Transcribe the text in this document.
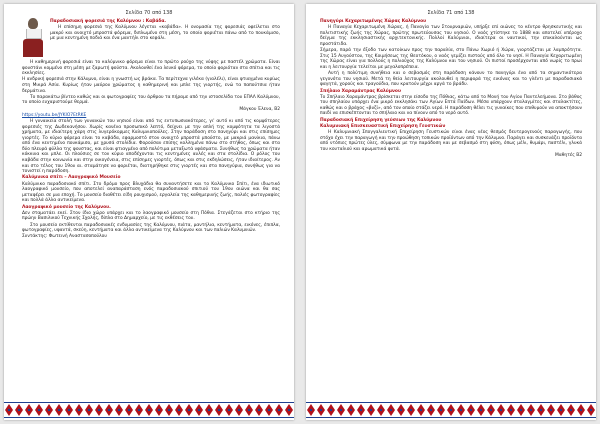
Σελίδα 70 από 138

Παραδοσιακή φορεσιά της Καλύμνου : Καβάδα.

Η επίσημη φορεσιά της Καλύμνου λέγεται «καβάδα». Η ονομασία της φορεσιάς οφείλεται στο μακρύ και ανοιχτό μπροστά φόρεμα, διπλωμένο στη μέση, το οποίο φοριέται πάνω από το πουκάμισο, με μια κεντημένη ποδιά και ένα μαντήλι στο κεφάλι.

Η καθημερινή φορεσιά είναι το καλύμνικο φόρεμα είναι το πρώτο ρούχο της νύφης με παστέλ χρώματα. Είναι φουστάνι κομμένο στη μέση με ζαρωτή φούστα. Ακολουθεί ένα λευκό φόρεμα, το οποίο φοριόταν στα σπίτια και τις εκκλησίες.

Η ανδρική φορεσιά στην Κάλυμνο, είναι η γνωστή ως βράκα. Τα περίτεχνα γιλέκα (γιαλέλι), είναι φτιαγμένα κυρίως στη Μικρά Ασία. Κυρίως ήταν μαύρου χρώματος η καθημερινή και μπλε της γιορτής, ενώ τα παπούτσια ήταν δερμάτινα.

Το παρακάτω βίντεο καθώς και οι φωτογραφίες του άρθρου τα πήραμε από την ιστοσελίδα του ΕΠΑΛ Καλύμνου, το οποίο ευχαριστούμε θερμά.

Μάγκου Έλενα, Β2

https://youtu.be/JYKIO7EtRKE

Η γυναικεία στολή των γυναικών του νησιού είναι από τις εντυπωσιακότερες, γι' αυτό κι από τις κομψότερες φορεσιές της Δωδεκανήσου. Χωρίς κανένα προσωπικό λεπτό, δείχνει με την απλή της κομψότητα τα λιγοστά χρήματα, με ιδιαίτερη χάρη στις λυγερόκορμες Καλυμνιοπούλες. Στην παράδοση στο πανηγύρι και στις επίσημες γιορτές. Το κύριο φόρεμα είναι το καβάδα, εφαρμοστό στον ανοιχτό μπροστά μπούστο, με μακριά μανίκια, πάνω από ένα κεντημένο πουκάμισο, με χρυσά στολίδια. Φορούσαν επίσης κολλημένα πάνω στο στήθος, όπως και στα δύο πλευρά φύλλα της φουστας, και είναι φτιαγμένο από πολύτιμα μεταξωτά υφάσματα. Συνήθως τα χρώματα ήταν κόκκινα και μπλε. Οι πλούσιες σε τον κύριο αποδέχονται τις κεντημένες αυλές και στα στολίδια. Ο ρόλος του καβάδα στην κοινωνία και στην οικογένεια, στις επίσημες γιορτές, όπως και στις εκδηλώσεις, ήταν ιδιαίτερος. Αν και στο τέλος του 19ου αι. σταμάτησε να φοριέται, διατηρήθηκε στις γιορτές και στα πανηγύρια, συνήθως για να τονιστεί η παράδοση.

Καλύμνικα σπίτι – Λαογραφικό Μουσείο

Καλύμνικο παραδοσιακό σπίτι. Στο δρόμο προς Βλυχάδια θα συναντήσετε και το Καλύμνικο Σπίτι, ένα ιδιωτικό λαογραφικό μουσείο, που αποτελεί αναπαράσταση ενός παραδοσιακού σπιτιού του 19ου αιώνα και θα σας μεταφέρει σε μια εποχή. Το μουσείο διαθέτει είδη ρουχισμού, εργαλεία της καθημερινής ζωής, παλιές φωτογραφίες και πολλά άλλα αντικείμενα.

Λαογραφικό μουσείο της Καλύμνου.

Δεν σταματάει εκεί. Στον ίδιο χώρο υπάρχει και το λαογραφικό μουσείο στη Πόθια. Στεγάζεται στο κτήριο της πρώην Βασιλικού Τεχνικής Σχολής, δίπλα στο Δημαρχείο, με τις εκθέσεις του.

Στο μουσείο εκτίθενται παραδοσιακές ενδυμασίες της Καλύμνου, πιάτα, μαντήλια, κεντήματα, εικόνες, έπιπλα, φωτογραφίες, υφαντά, σκεύη, κεντήματα και άλλα αντικείμενα της Καλύμνου και των παλιών Καλυμνιών.

Συντάκτης: Φωτεινή Αναστασοπούλου

Σελίδα 71 από 138

Πανηγύρι Κεχαριτωμένης Χώρας Καλύμνου

Η Παναγία Κεχαριτωμένη Χώρας, ή Παναγία των Στουρναριών, υπήρξε επί αιώνες το κέντρο θρησκευτικής και πολιτιστικής ζωής της Χώρας, πρώτης πρωτεύουσας του νησιού. Ο ναός χτίστηκε το 1888 και αποτελεί υπέροχο δείγμα της εκκλησιαστικής αρχιτεκτονικής. Πολλοί Καλύμνιοι, ιδιαίτερα οι ναυτικοί, την επικαλούνται ως προστάτιδα.

Σήμερα, παρά την έξοδο των κατοίκων προς την παραλία, στο Πάνω Χωριό ή Χώρα, γιορτάζεται με λαμπρότητα. Στις 15 Αυγούστου, της Κοιμήσεως της Θεοτόκου, ο ναός γεμίζει πιστούς από όλο το νησί. Η Παναγία Κεχαριτωμένη της Χώρας είναι για πολλούς η πολιούχος της Καλύμνου και του νησιού. Οι πιστοί προσέρχονται από νωρίς το πρωί και η λειτουργία τελείται με μεγαλοπρέπεια.

Αυτή η πολύτιμη συνήθεια και ο σεβασμός στη παράδοση κάνουν το πανηγύρι ένα από τα σημαντικότερα γεγονότα του νησιού. Μετά τη θεία λειτουργία ακολουθεί η περιφορά της εικόνας και το γλέντι με παραδοσιακά φαγητά, χορούς και τραγούδια, που κρατούν μέχρι αργά το βράδυ.

Σπήλαιο Χαραμάντρας Καλύμνου

Το Σπήλαιο Χαραμάντρας βρίσκεται στην είσοδο της Πόθιας, κάτω από το Μονή του Αγίου Παντελεήμονα. Στο βάθος του σπηλαίου υπάρχει ένα μικρό εκκλησάκι των Αγίων Επτά Παίδων. Μέσα υπάρχουν σταλαγμίτες και σταλακτίτες, καθώς και ο βράχος «βυζί», από τον οποίο στάζει νερό. Η παράδοση θέλει τις γυναίκες που επιθυμούν να αποκτήσουν παιδί να επισκέπτονται το σπήλαιο και να πίνουν από το νερό αυτό.

Παραδοσιακή Επιχείρηση γεύσεων της Καλύμνου

Καλυμνιακή Επισκευαστική Επιχείρηση Γευστικών

Η Καλυμνιακή Σπογγαλιευτική Επιχείρηση Γευστικών είναι ένας νέος θεσμός δευτερογενούς παραγωγής, που στόχο έχει την παραγωγή και την προώθηση τοπικών προϊόντων από την Κάλυμνο. Παράγει και συσκευάζει προϊόντα από ντόπιες πρώτες ύλες, σύμφωνα με την παράδοση και με σεβασμό στη φύση, όπως μέλι, θυμάρι, παστέλι, γλυκά του κουταλιού και αρωματικά φυτά.

Μαθητές Β2
